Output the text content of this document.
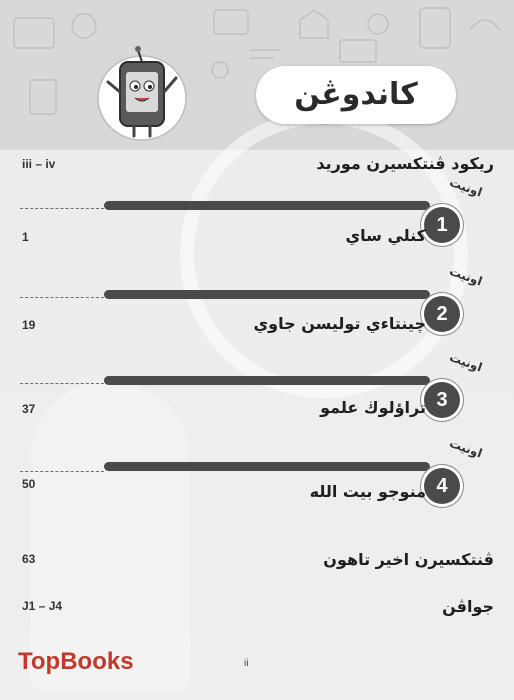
كاندوڠن
ريكود ڤنتكسيرن موريد
iii – iv
اونيت
1
كنلي ساي
1
اونيت
2
چينتاءي توليسن جاوي
19
اونيت
3
تراؤلوڬ علمو
37
اونيت
4
منوجو بيت الله
50
ڤنتكسيرن اخير تاهون
63
جواڤن
J1 – J4
TopBooks	ii
